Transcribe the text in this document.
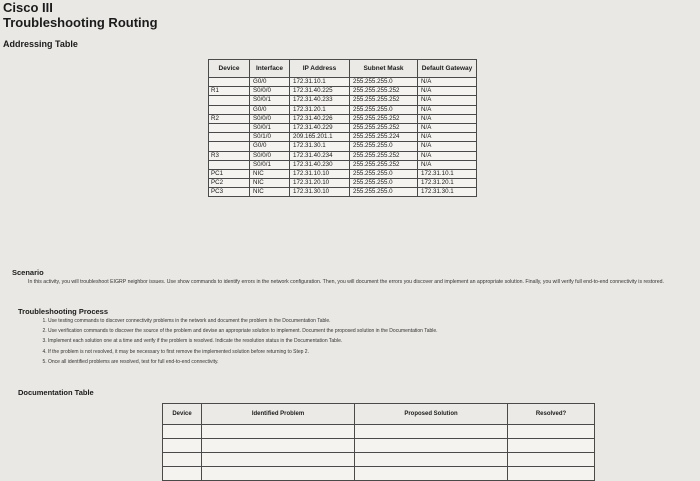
Cisco III
Troubleshooting Routing
Addressing Table
Device	Interface	IP Address	Subnet Mask	Default Gateway
	G0/0	172.31.10.1	255.255.255.0	N/A
R1	S0/0/0	172.31.40.225	255.255.255.252	N/A
	S0/0/1	172.31.40.233	255.255.255.252	N/A
	G0/0	172.31.20.1	255.255.255.0	N/A
R2	S0/0/0	172.31.40.226	255.255.255.252	N/A
	S0/0/1	172.31.40.229	255.255.255.252	N/A
	S0/1/0	209.165.201.1	255.255.255.224	N/A
	G0/0	172.31.30.1	255.255.255.0	N/A
R3	S0/0/0	172.31.40.234	255.255.255.252	N/A
	S0/0/1	172.31.40.230	255.255.255.252	N/A
PC1	NIC	172.31.10.10	255.255.255.0	172.31.10.1
PC2	NIC	172.31.20.10	255.255.255.0	172.31.20.1
PC3	NIC	172.31.30.10	255.255.255.0	172.31.30.1
Scenario
In this activity, you will troubleshoot EIGRP neighbor issues. Use show commands to identify errors in the network configuration. Then, you will document the errors you discover and implement an appropriate solution. Finally, you will verify full end-to-end connectivity is restored.
Troubleshooting Process
1. Use testing commands to discover connectivity problems in the network and document the problem in the Documentation Table.
2. Use verification commands to discover the source of the problem and devise an appropriate solution to implement. Document the proposed solution in the Documentation Table.
3. Implement each solution one at a time and verify if the problem is resolved. Indicate the resolution status in the Documentation Table.
4. If the problem is not resolved, it may be necessary to first remove the implemented solution before returning to Step 2.
5. Once all identified problems are resolved, test for full end-to-end connectivity.
Documentation Table
Device	Identified Problem	Proposed Solution	Resolved?
